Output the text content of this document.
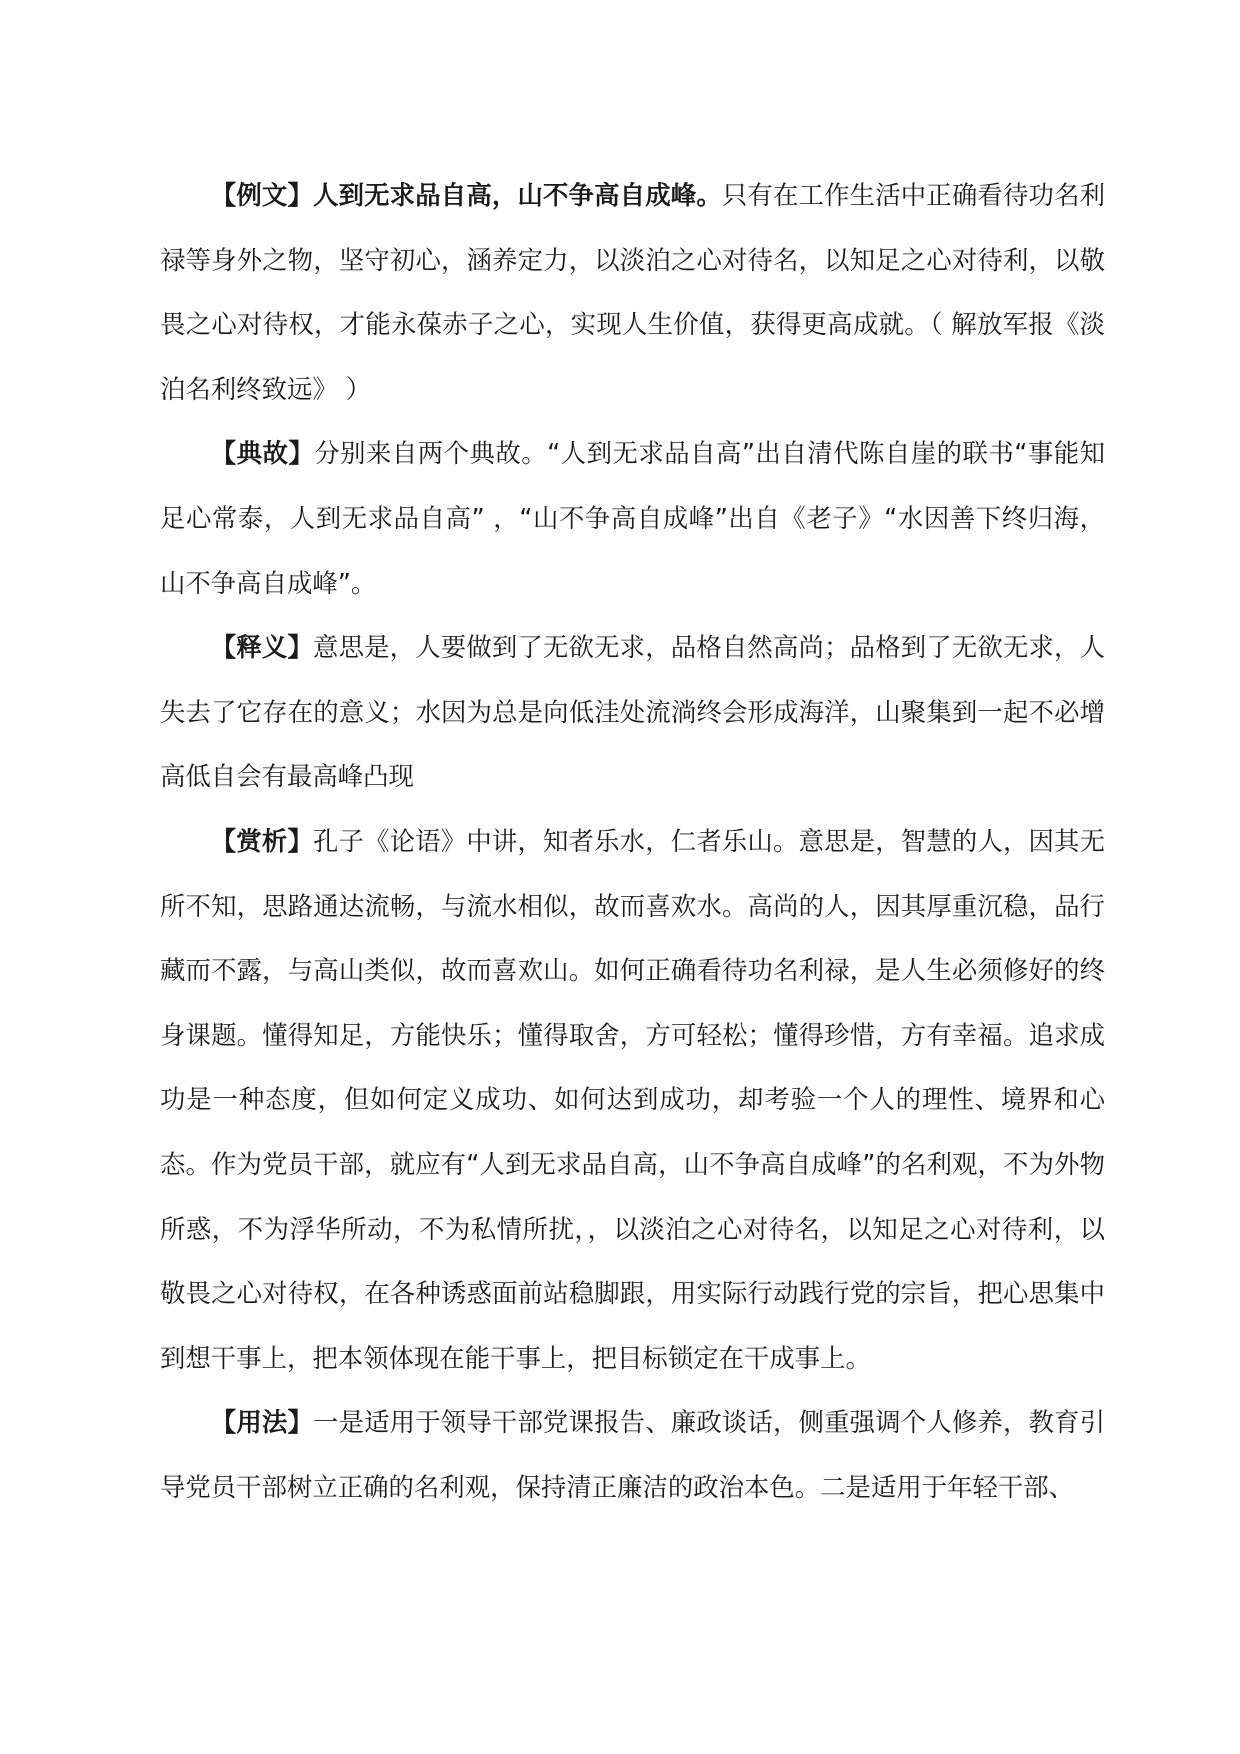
【例文】人到无求品自高，山不争高自成峰。只有在工作生活中正确看待功名利禄等身外之物，坚守初心，涵养定力，以淡泊之心对待名，以知足之心对待利，以敬畏之心对待权，才能永葆赤子之心，实现人生价值，获得更高成就。（ 解放军报《淡泊名利终致远》 ）

【典故】分别来自两个典故。“人到无求品自高”出自清代陈自崖的联书“事能知足心常泰，人到无求品自高” ，“山不争高自成峰”出自《老子》“水因善下终归海，山不争高自成峰”。

【释义】意思是，人要做到了无欲无求，品格自然高尚；品格到了无欲无求，人失去了它存在的意义；水因为总是向低洼处流淌终会形成海洋，山聚集到一起不必增高低自会有最高峰凸现

【赏析】孔子《论语》中讲，知者乐水，仁者乐山。意思是，智慧的人，因其无所不知，思路通达流畅，与流水相似，故而喜欢水。高尚的人，因其厚重沉稳，品行藏而不露，与高山类似，故而喜欢山。如何正确看待功名利禄，是人生必须修好的终身课题。懂得知足，方能快乐；懂得取舍，方可轻松；懂得珍惜，方有幸福。追求成功是一种态度，但如何定义成功、如何达到成功，却考验一个人的理性、境界和心态。作为党员干部，就应有“人到无求品自高，山不争高自成峰”的名利观，不为外物所惑，不为浮华所动，不为私情所扰，，以淡泊之心对待名，以知足之心对待利，以敬畏之心对待权，在各种诱惑面前站稳脚跟，用实际行动践行党的宗旨，把心思集中到想干事上，把本领体现在能干事上，把目标锁定在干成事上。

【用法】一是适用于领导干部党课报告、廉政谈话，侧重强调个人修养，教育引导党员干部树立正确的名利观，保持清正廉洁的政治本色。二是适用于年轻干部、
